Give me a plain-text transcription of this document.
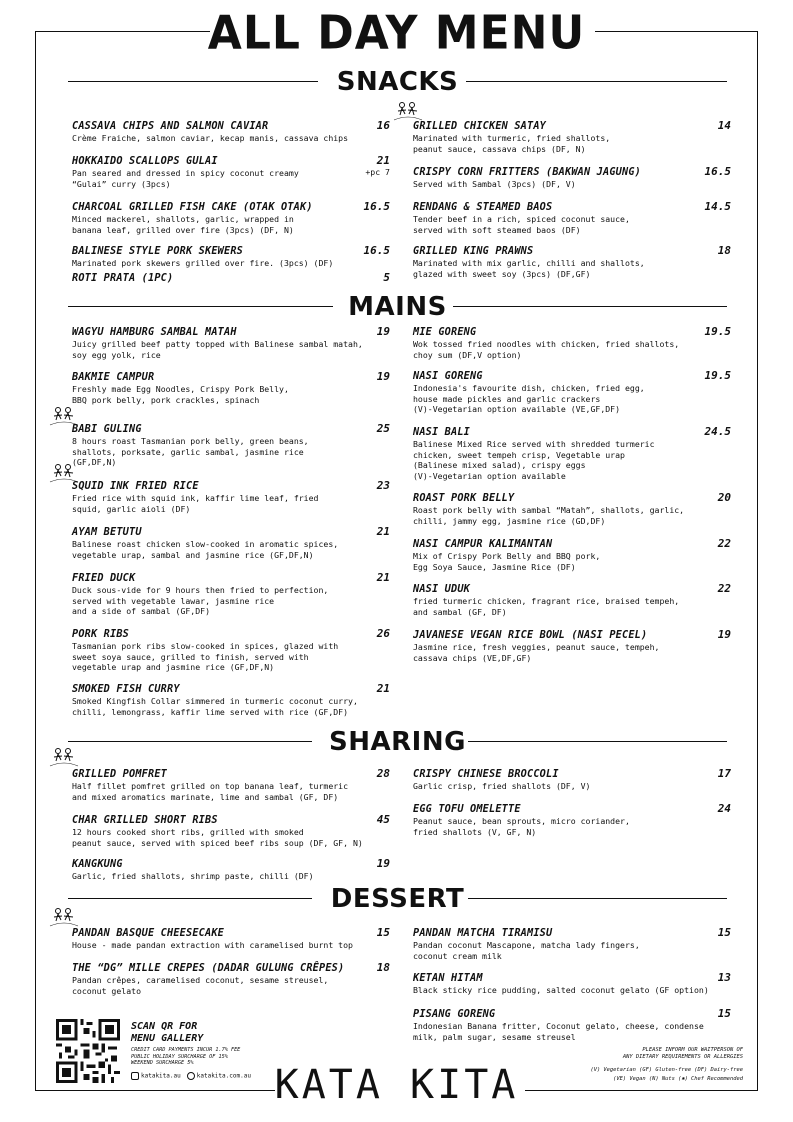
ALL DAY MENU
SNACKS
MAINS
SHARING
DESSERT
CASSAVA CHIPS AND SALMON CAVIAR	16
Crème Fraiche, salmon caviar, kecap manis, cassava chips
HOKKAIDO SCALLOPS GULAI	21
Pan seared and dressed in spicy coconut creamy
“Gulai” curry (3pcs)
+pc 7
CHARCOAL GRILLED FISH CAKE (OTAK OTAK)	16.5
Minced mackerel, shallots, garlic, wrapped in
banana leaf, grilled over fire (3pcs) (DF, N)
BALINESE STYLE PORK SKEWERS	16.5
Marinated pork skewers grilled over fire. (3pcs) (DF)
ROTI PRATA (1PC)	5
GRILLED CHICKEN SATAY	14
Marinated with turmeric, fried shallots,
peanut sauce, cassava chips (DF, N)
CRISPY CORN FRITTERS (BAKWAN JAGUNG)	16.5
Served with Sambal (3pcs) (DF, V)
RENDANG & STEAMED BAOS	14.5
Tender beef in a rich, spiced coconut sauce,
served with soft steamed baos (DF)
GRILLED KING PRAWNS	18
Marinated with mix garlic, chilli and shallots,
glazed with sweet soy (3pcs) (DF,GF)
WAGYU HAMBURG SAMBAL MATAH	19
Juicy grilled beef patty topped with Balinese sambal matah,
soy egg yolk, rice
BAKMIE CAMPUR	19
Freshly made Egg Noodles, Crispy Pork Belly,
BBQ pork belly, pork crackles, spinach
BABI GULING	25
8 hours roast Tasmanian pork belly, green beans,
shallots, porksate, garlic sambal, jasmine rice
(GF,DF,N)
SQUID INK FRIED RICE	23
Fried rice with squid ink, kaffir lime leaf, fried
squid, garlic aioli (DF)
AYAM BETUTU	21
Balinese roast chicken slow-cooked in aromatic spices,
vegetable urap, sambal and jasmine rice (GF,DF,N)
FRIED DUCK	21
Duck sous-vide for 9 hours then fried to perfection,
served with vegetable lawar, jasmine rice
and a side of sambal (GF,DF)
PORK RIBS	26
Tasmanian pork ribs slow-cooked in spices, glazed with
sweet soya sauce, grilled to finish, served with
vegetable urap and jasmine rice (GF,DF,N)
SMOKED FISH CURRY	21
Smoked Kingfish Collar simmered in turmeric coconut curry,
chilli, lemongrass, kaffir lime served with rice (GF,DF)
MIE GORENG	19.5
Wok tossed fried noodles with chicken, fried shallots,
choy sum (DF,V option)
NASI GORENG	19.5
Indonesia's favourite dish, chicken, fried egg,
house made pickles and garlic crackers
(V)-Vegetarian option available (VE,GF,DF)
NASI BALI	24.5
Balinese Mixed Rice served with shredded turmeric
chicken, sweet tempeh crisp, Vegetable urap
(Balinese mixed salad), crispy eggs
(V)-Vegetarian option available
ROAST PORK BELLY	20
Roast pork belly with sambal “Matah”, shallots, garlic,
chilli, jammy egg, jasmine rice (GD,DF)
NASI CAMPUR KALIMANTAN	22
Mix of Crispy Pork Belly and BBQ pork,
Egg Soya Sauce, Jasmine Rice (DF)
NASI UDUK	22
fried turmeric chicken, fragrant rice, braised tempeh,
and sambal (GF, DF)
JAVANESE VEGAN RICE BOWL (NASI PECEL)	19
Jasmine rice, fresh veggies, peanut sauce, tempeh,
cassava chips (VE,DF,GF)
GRILLED POMFRET	28
Half fillet pomfret grilled on top banana leaf, turmeric
and mixed aromatics marinate, lime and sambal (GF, DF)
CHAR GRILLED SHORT RIBS	45
12 hours cooked short ribs, grilled with smoked
peanut sauce, served with spiced beef ribs soup (DF, GF, N)
KANGKUNG	19
Garlic, fried shallots, shrimp paste, chilli (DF)
CRISPY CHINESE BROCCOLI	17
Garlic crisp, fried shallots (DF, V)
EGG TOFU OMELETTE	24
Peanut sauce, bean sprouts, micro coriander,
fried shallots (V, GF, N)
PANDAN BASQUE CHEESECAKE	15
House - made pandan extraction with caramelised burnt top
THE “DG” MILLE CREPES (DADAR GULUNG CRÊPES)	18
Pandan crêpes, caramelised coconut, sesame streusel,
coconut gelato
PANDAN MATCHA TIRAMISU	15
Pandan coconut Mascapone, matcha lady fingers,
coconut cream milk
KETAN HITAM	13
Black sticky rice pudding, salted coconut gelato (GF option)
PISANG GORENG	15
Indonesian Banana fritter, Coconut gelato, cheese, condense
milk, palm sugar, sesame streusel
SCAN QR FOR
MENU GALLERY
CREDIT CARD PAYMENTS INCUR 1.7% FEE
PUBLIC HOLIDAY SURCHARGE OF 15%
WEEKEND SURCHARGE 5%
katakita.au	katakita.com.au KATA KITA
PLEASE INFORM OUR WAITPERSON OF
ANY DIETARY REQUIREMENTS OR ALLERGIES
(V) Vegetarian (GF) Gluten-free (DF) Dairy-free
(VE) Vegan (N) Nuts (✱) Chef Recommended
